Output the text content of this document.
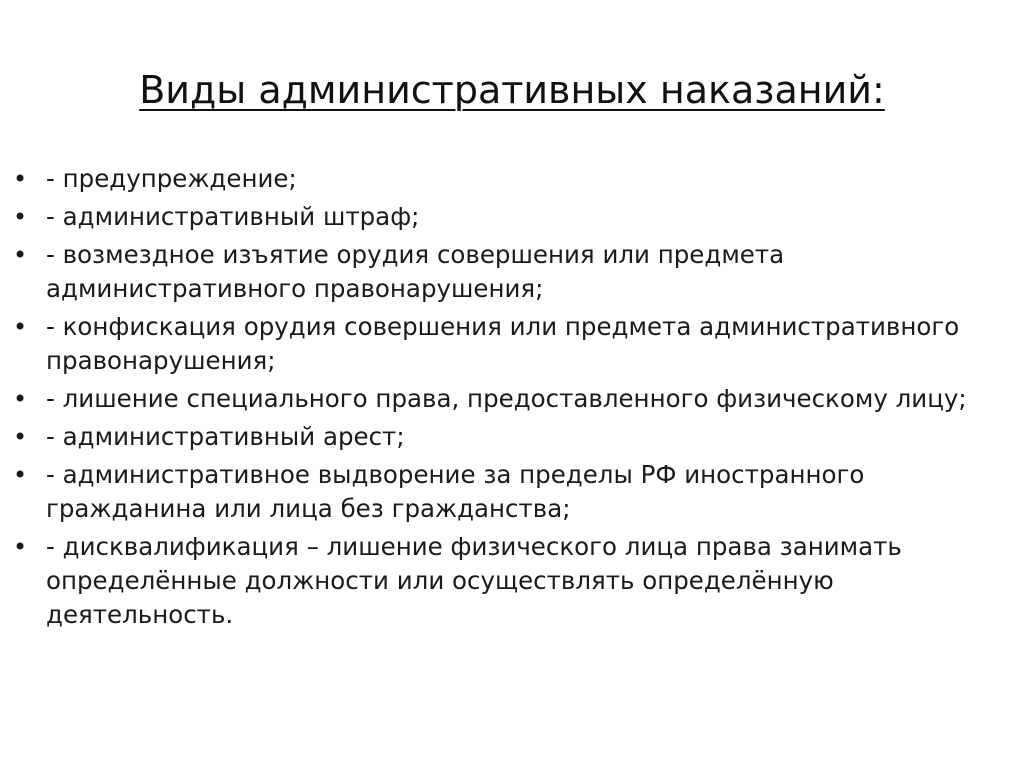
Виды административных наказаний:
• - предупреждение;
• - административный штраф;
• - возмездное изъятие орудия совершения или предмета административного правонарушения;
• - конфискация орудия совершения или предмета административного правонарушения;
• - лишение специального права, предоставленного физическому лицу;
• - административный арест;
• - административное выдворение за пределы РФ иностранного гражданина или лица без гражданства;
• - дисквалификация – лишение физического лица права занимать определённые должности или осуществлять определённую деятельность.
